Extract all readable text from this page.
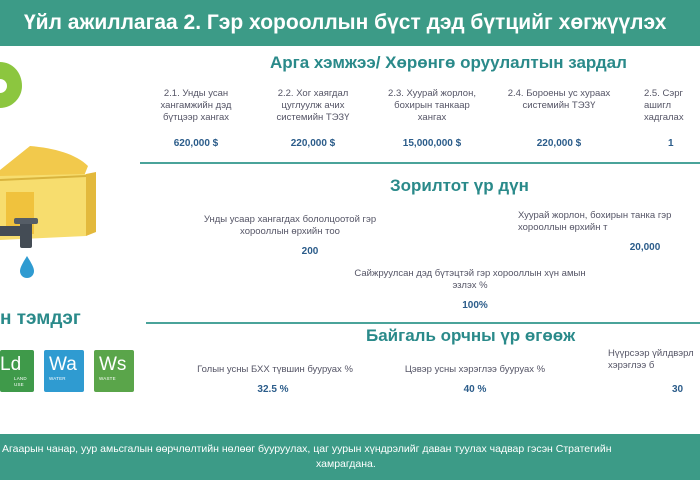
Үйл ажиллагаа 2. Гэр хорооллын бүст дэд бүтцийг хөгжүүлэх
н тэмдэг
Ld
LAND USE
Wa
WATER
Ws
WASTE
Арга хэмжээ/ Хөрөнгө оруулалтын зардал
2.1. Унды усан хангамжийн дэд бүтцээр хангах
620,000 $
2.2. Хог хаягдал цуглуулж ачих системийн ТЭЗҮ
220,000 $
2.3. Хуурай жорлон, бохирын танкаар хангах
15,000,000 $
2.4. Бороены ус хураах системийн ТЭЗҮ
220,000 $
2.5. Сэрг ашигл хадгалах
1
Зорилтот үр дүн
Унды усаар хангагдах бололцоотой гэр хорооллын өрхийн тоо
200
Хуурай жорлон, бохирын танка гэр хорооллын өрхийн т
20,000
Сайжруулсан дэд бүтэцтэй гэр хорооллын хүн амын эзлэх %
100%
Байгаль орчны үр өгөөж
Голын усны БХХ түвшин бууруах %
32.5 %
Цэвэр усны хэрэглээ бууруах %
40 %
Нүүрсээр үйлдвэрл хэрэглээ б
30
Агаарын чанар, уур амьсгалын өөрчлөлтийн нөлөөг бууруулах, цаг уурын хүндрэлийг даван туулах чадвар гэсэн Стратегийн
хамрагдана.
